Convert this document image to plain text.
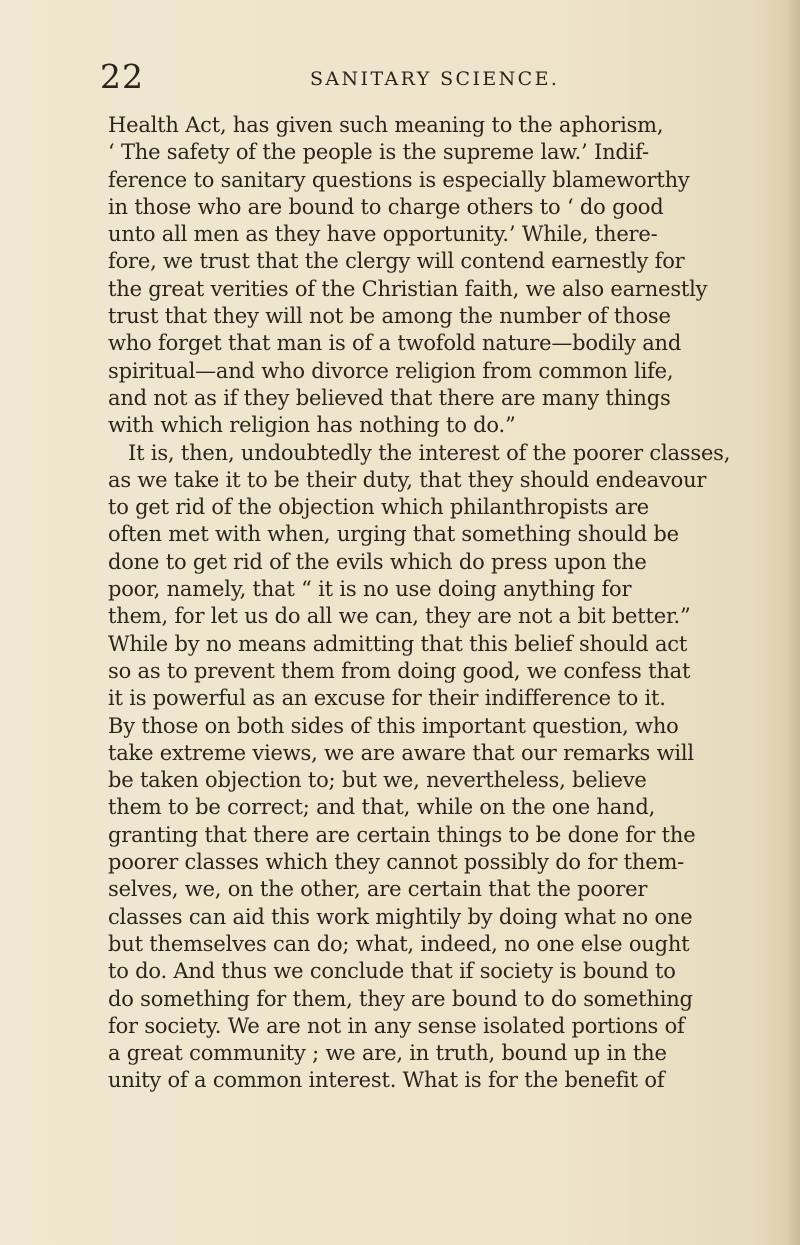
22	SANITARY SCIENCE.
Health Act, has given such meaning to the aphorism,
‘ The safety of the people is the supreme law.’ Indif-
ference to sanitary questions is especially blameworthy
in those who are bound to charge others to ‘ do good
unto all men as they have opportunity.’ While, there-
fore, we trust that the clergy will contend earnestly for
the great verities of the Christian faith, we also earnestly
trust that they will not be among the number of those
who forget that man is of a twofold nature—bodily and
spiritual—and who divorce religion from common life,
and not as if they believed that there are many things
with which religion has nothing to do.”
It is, then, undoubtedly the interest of the poorer classes,
as we take it to be their duty, that they should endeavour
to get rid of the objection which philanthropists are
often met with when, urging that something should be
done to get rid of the evils which do press upon the
poor, namely, that “ it is no use doing anything for
them, for let us do all we can, they are not a bit better.”
While by no means admitting that this belief should act
so as to prevent them from doing good, we confess that
it is powerful as an excuse for their indifference to it.
By those on both sides of this important question, who
take extreme views, we are aware that our remarks will
be taken objection to; but we, nevertheless, believe
them to be correct; and that, while on the one hand,
granting that there are certain things to be done for the
poorer classes which they cannot possibly do for them-
selves, we, on the other, are certain that the poorer
classes can aid this work mightily by doing what no one
but themselves can do; what, indeed, no one else ought
to do. And thus we conclude that if society is bound to
do something for them, they are bound to do something
for society. We are not in any sense isolated portions of
a great community ; we are, in truth, bound up in the
unity of a common interest. What is for the benefit of
